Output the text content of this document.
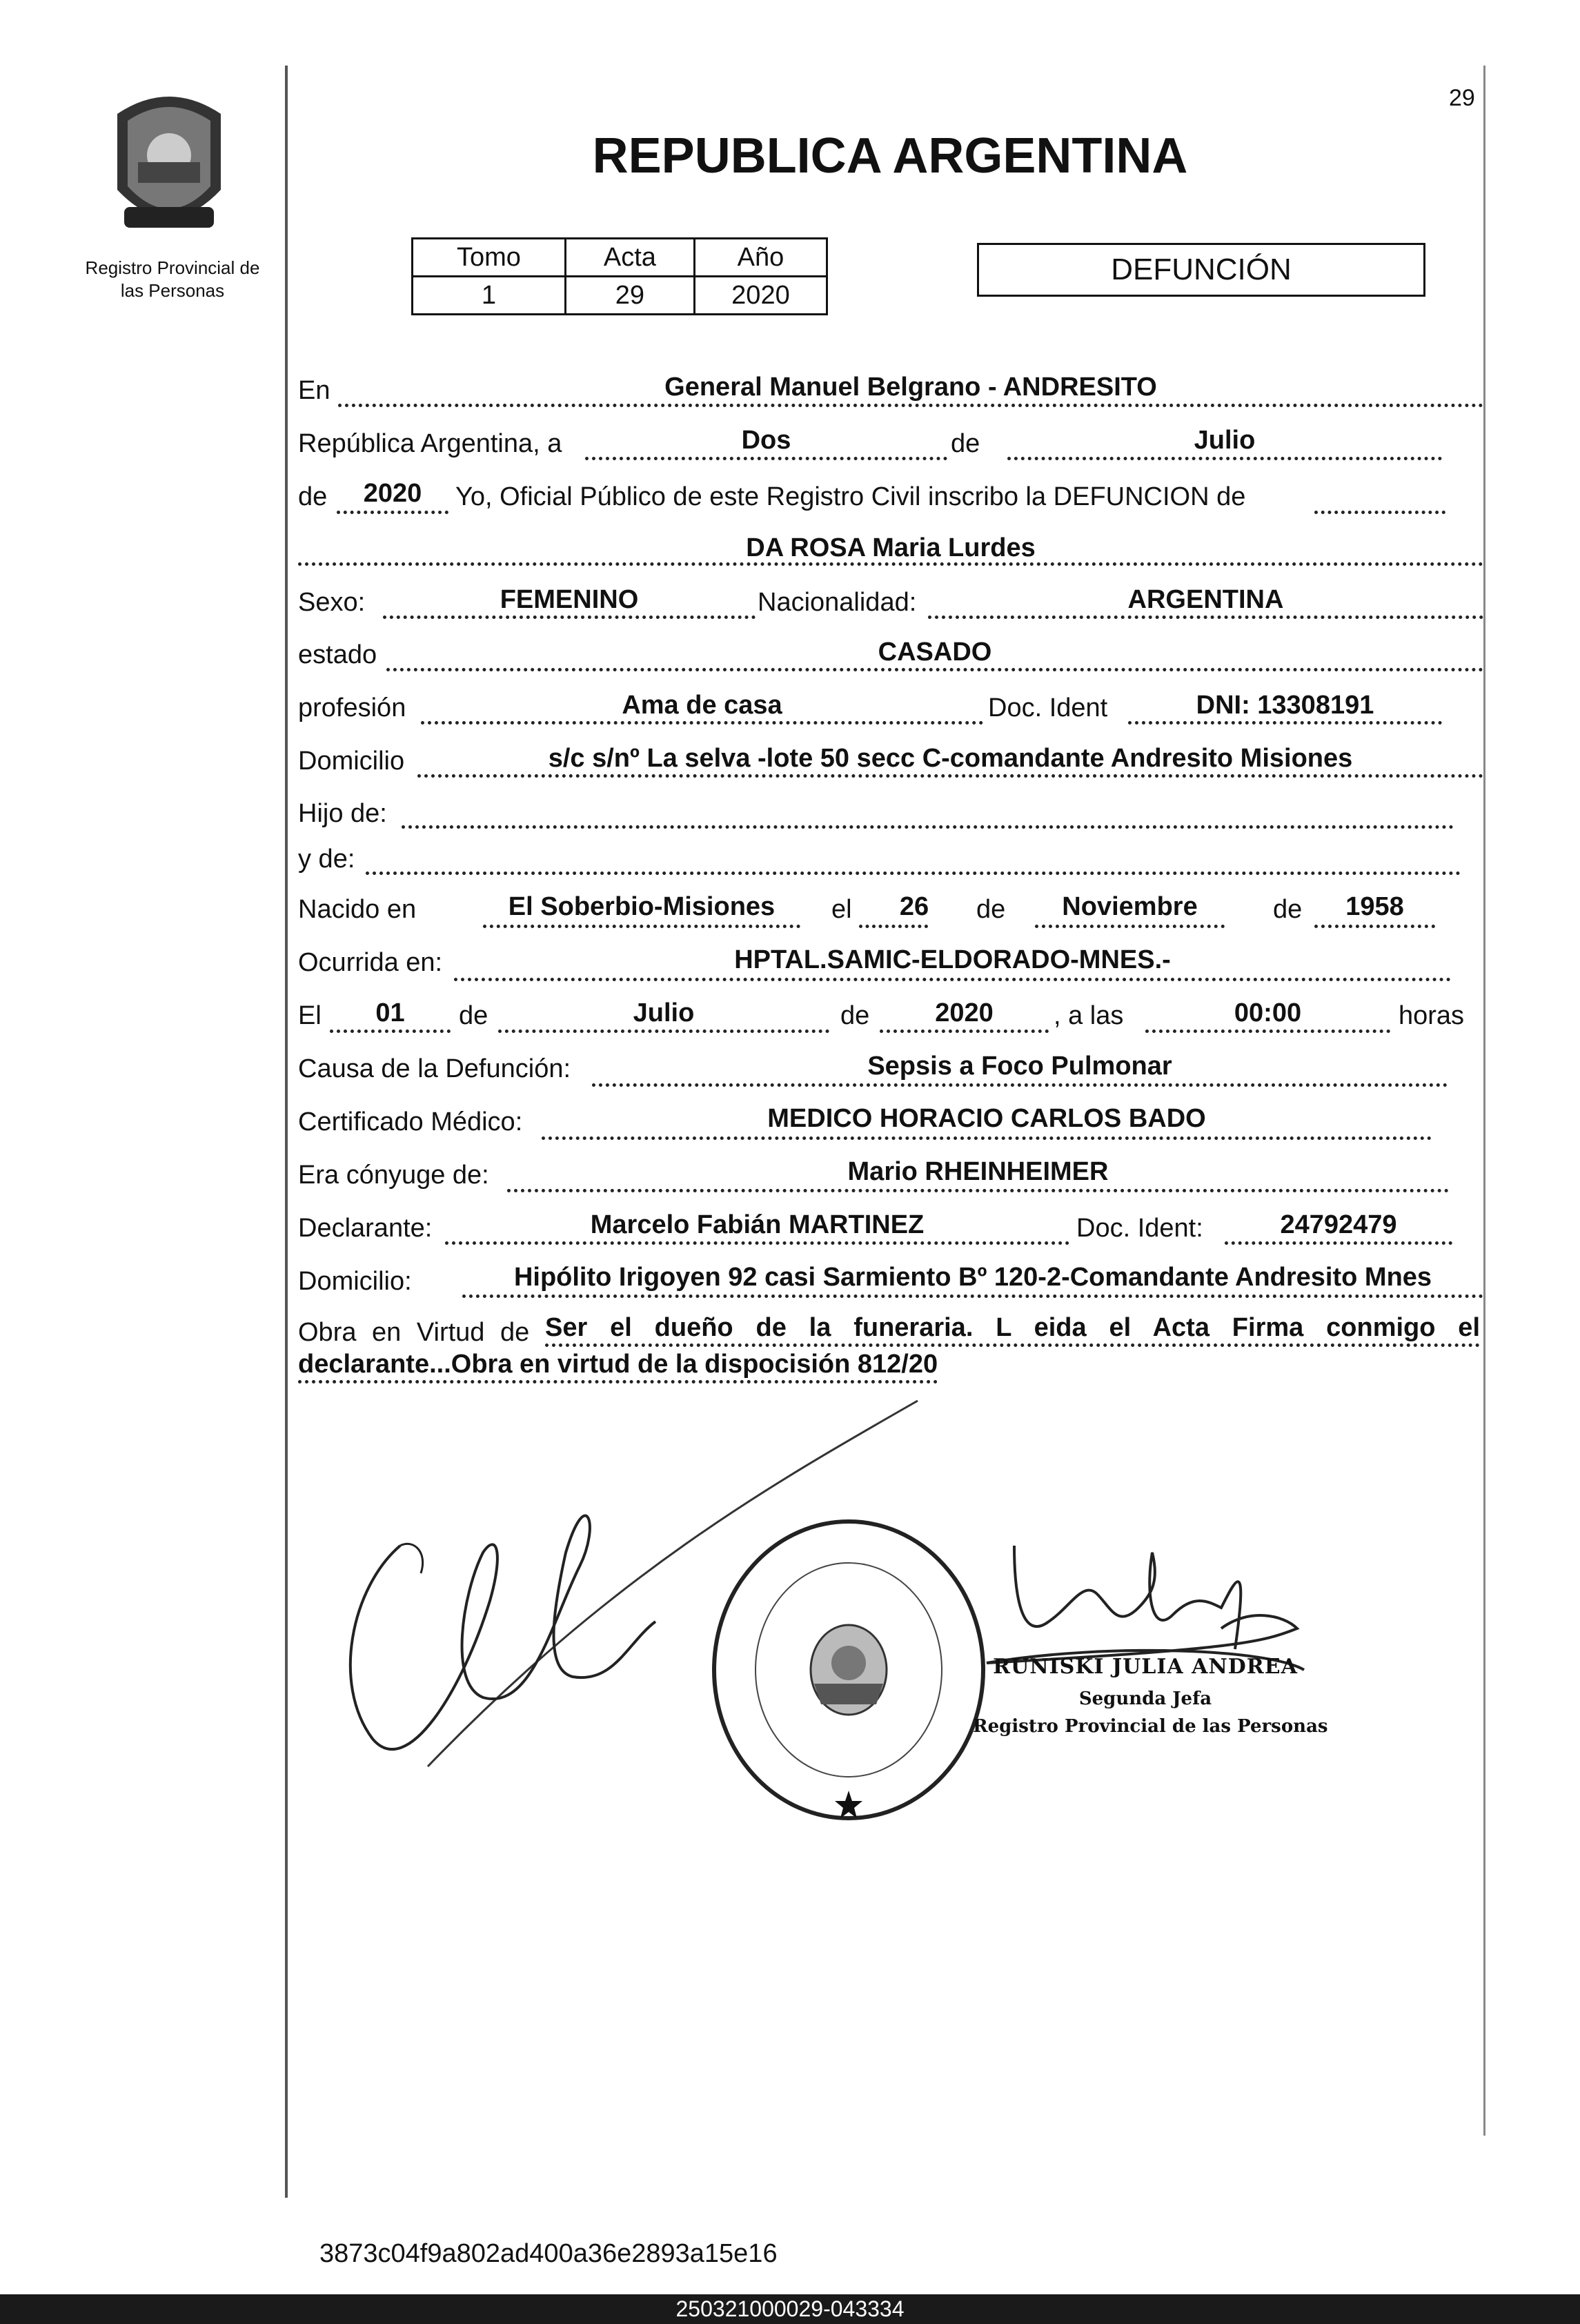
Registro Provincial de
las Personas
29
REPUBLICA ARGENTINA
Tomo	Acta	Año
1	29	2020
DEFUNCIÓN
En	General Manuel Belgrano - ANDRESITO
República Argentina, a	Dos	de	Julio
de	2020	Yo, Oficial Público de este Registro Civil inscribo la DEFUNCION de
DA ROSA Maria Lurdes
Sexo:	FEMENINO	Nacionalidad:	ARGENTINA
estado	CASADO
profesión	Ama de casa	Doc. Ident	DNI: 13308191
Domicilio	s/c s/nº La selva -lote 50 secc C-comandante Andresito Misiones
Hijo de:
y de:
Nacido en	El Soberbio-Misiones	el	26	de	Noviembre	de	1958
Ocurrida en:	HPTAL.SAMIC-ELDORADO-MNES.-
El	01	de	Julio	de	2020	, a las	00:00	horas
Causa de la Defunción:	Sepsis a Foco Pulmonar
Certificado Médico:	MEDICO HORACIO CARLOS BADO
Era cónyuge de:	Mario RHEINHEIMER
Declarante:	Marcelo Fabián MARTINEZ	Doc. Ident:	24792479
Domicilio:	Hipólito Irigoyen 92 casi Sarmiento Bº 120-2-Comandante Andresito Mnes
Obra en Virtud de Ser el dueño de la funeraria. L eida el Acta Firma conmigo el
declarante...Obra en virtud de la dispocisión 812/20
RUNISKI JULIA ANDREA
Segunda Jefa
Registro Provincial de las Personas
3873c04f9a802ad400a36e2893a15e16
250321000029-043334
